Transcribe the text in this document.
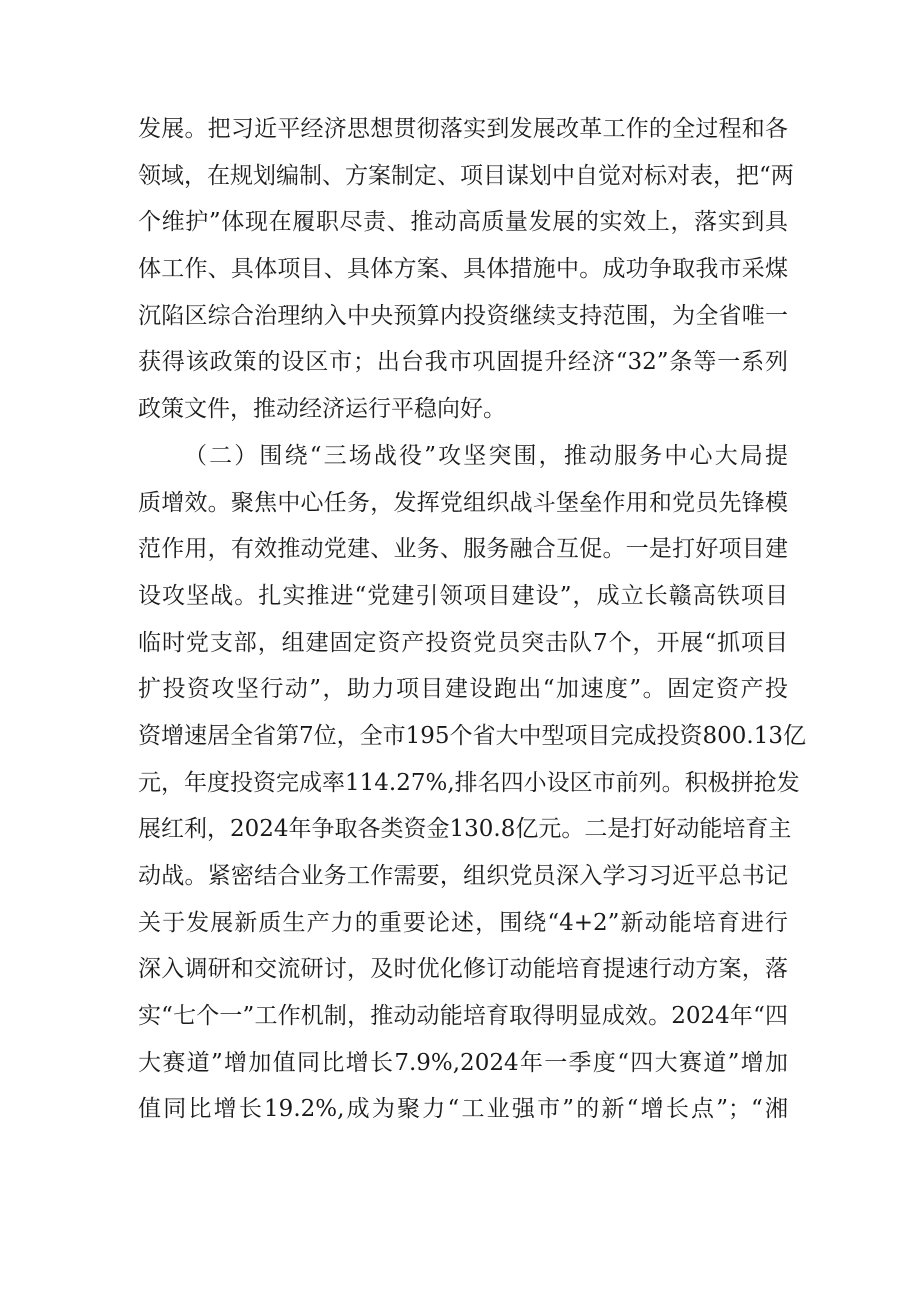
发展。把习近平经济思想贯彻落实到发展改革工作的全过程和各
领域，在规划编制、方案制定、项目谋划中自觉对标对表，把“两
个维护”体现在履职尽责、推动高质量发展的实效上，落实到具
体工作、具体项目、具体方案、具体措施中。成功争取我市采煤
沉陷区综合治理纳入中央预算内投资继续支持范围，为全省唯一
获得该政策的设区市；出台我市巩固提升经济“32”条等一系列
政策文件，推动经济运行平稳向好。
（二）围绕“三场战役”攻坚突围，推动服务中心大局提
质增效。聚焦中心任务，发挥党组织战斗堡垒作用和党员先锋模
范作用，有效推动党建、业务、服务融合互促。一是打好项目建
设攻坚战。扎实推进“党建引领项目建设”，成立长赣高铁项目
临时党支部，组建固定资产投资党员突击队7个，开展“抓项目
扩投资攻坚行动”，助力项目建设跑出“加速度”。固定资产投
资增速居全省第7位，全市195个省大中型项目完成投资800.13亿
元，年度投资完成率114.27%,排名四小设区市前列。积极拼抢发
展红利，2024年争取各类资金130.8亿元。二是打好动能培育主
动战。紧密结合业务工作需要，组织党员深入学习习近平总书记
关于发展新质生产力的重要论述，围绕“4+2”新动能培育进行
深入调研和交流研讨，及时优化修订动能培育提速行动方案，落
实“七个一”工作机制，推动动能培育取得明显成效。2024年“四
大赛道”增加值同比增长7.9%,2024年一季度“四大赛道”增加
值同比增长19.2%,成为聚力“工业强市”的新“增长点”；“湘
